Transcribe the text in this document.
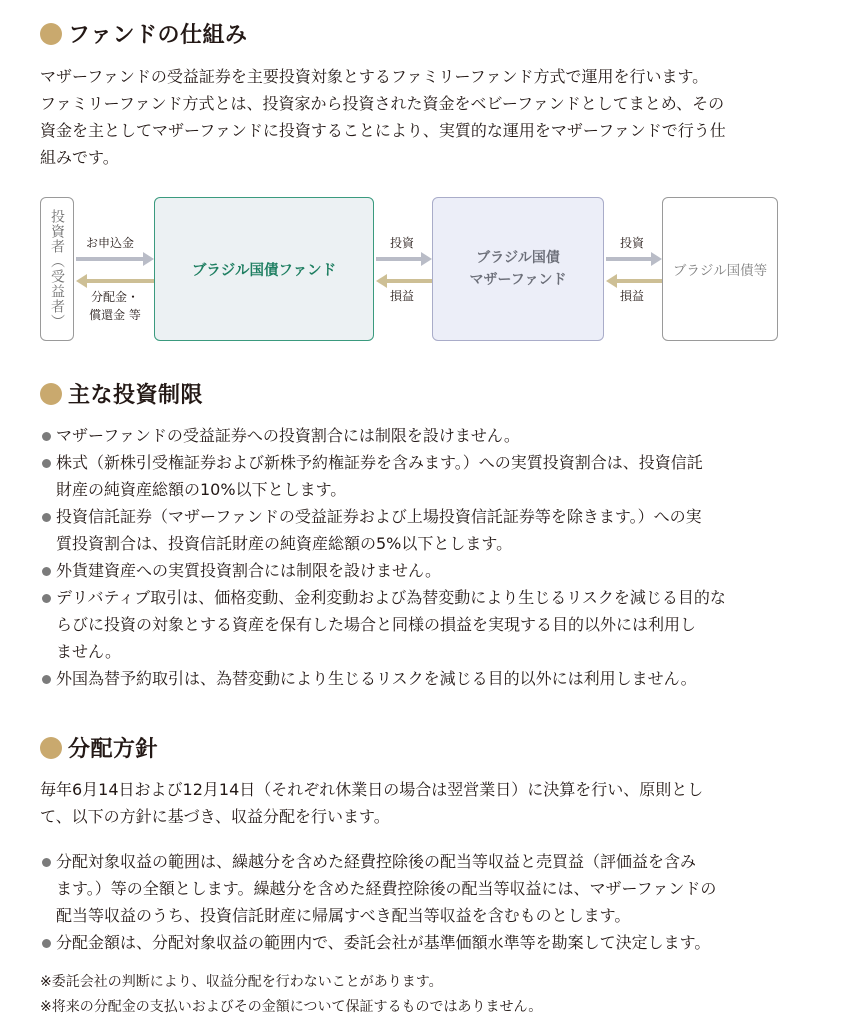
ファンドの仕組み

マザーファンドの受益証券を主要投資対象とするファミリーファンド方式で運用を行います。

ファミリーファンド方式とは、投資家から投資された資金をベビーファンドとしてまとめ、その

資金を主としてマザーファンドに投資することにより、実質的な運用をマザーファンドで行う仕

組みです。

投資者（受益者） お申込金
分配金・
償還金 等
ブラジル国債ファンド
投資
損益
ブラジル国債
マザーファンド
投資
損益
ブラジル国債等
主な投資制限
マザーファンドの受益証券への投資割合には制限を設けません。
株式（新株引受権証券および新株予約権証券を含みます。）への実質投資割合は、投資信託
財産の純資産総額の10%以下とします。
投資信託証券（マザーファンドの受益証券および上場投資信託証券等を除きます。）への実
質投資割合は、投資信託財産の純資産総額の5%以下とします。
外貨建資産への実質投資割合には制限を設けません。
デリバティブ取引は、価格変動、金利変動および為替変動により生じるリスクを減じる目的な
らびに投資の対象とする資産を保有した場合と同様の損益を実現する目的以外には利用し
ません。
外国為替予約取引は、為替変動により生じるリスクを減じる目的以外には利用しません。
分配方針

毎年6月14日および12月14日（それぞれ休業日の場合は翌営業日）に決算を行い、原則とし

て、以下の方針に基づき、収益分配を行います。

分配対象収益の範囲は、繰越分を含めた経費控除後の配当等収益と売買益（評価益を含み
ます。）等の全額とします。繰越分を含めた経費控除後の配当等収益には、マザーファンドの
配当等収益のうち、投資信託財産に帰属すべき配当等収益を含むものとします。
分配金額は、分配対象収益の範囲内で、委託会社が基準価額水準等を勘案して決定します。

※委託会社の判断により、収益分配を行わないことがあります。

※将来の分配金の支払いおよびその金額について保証するものではありません。
